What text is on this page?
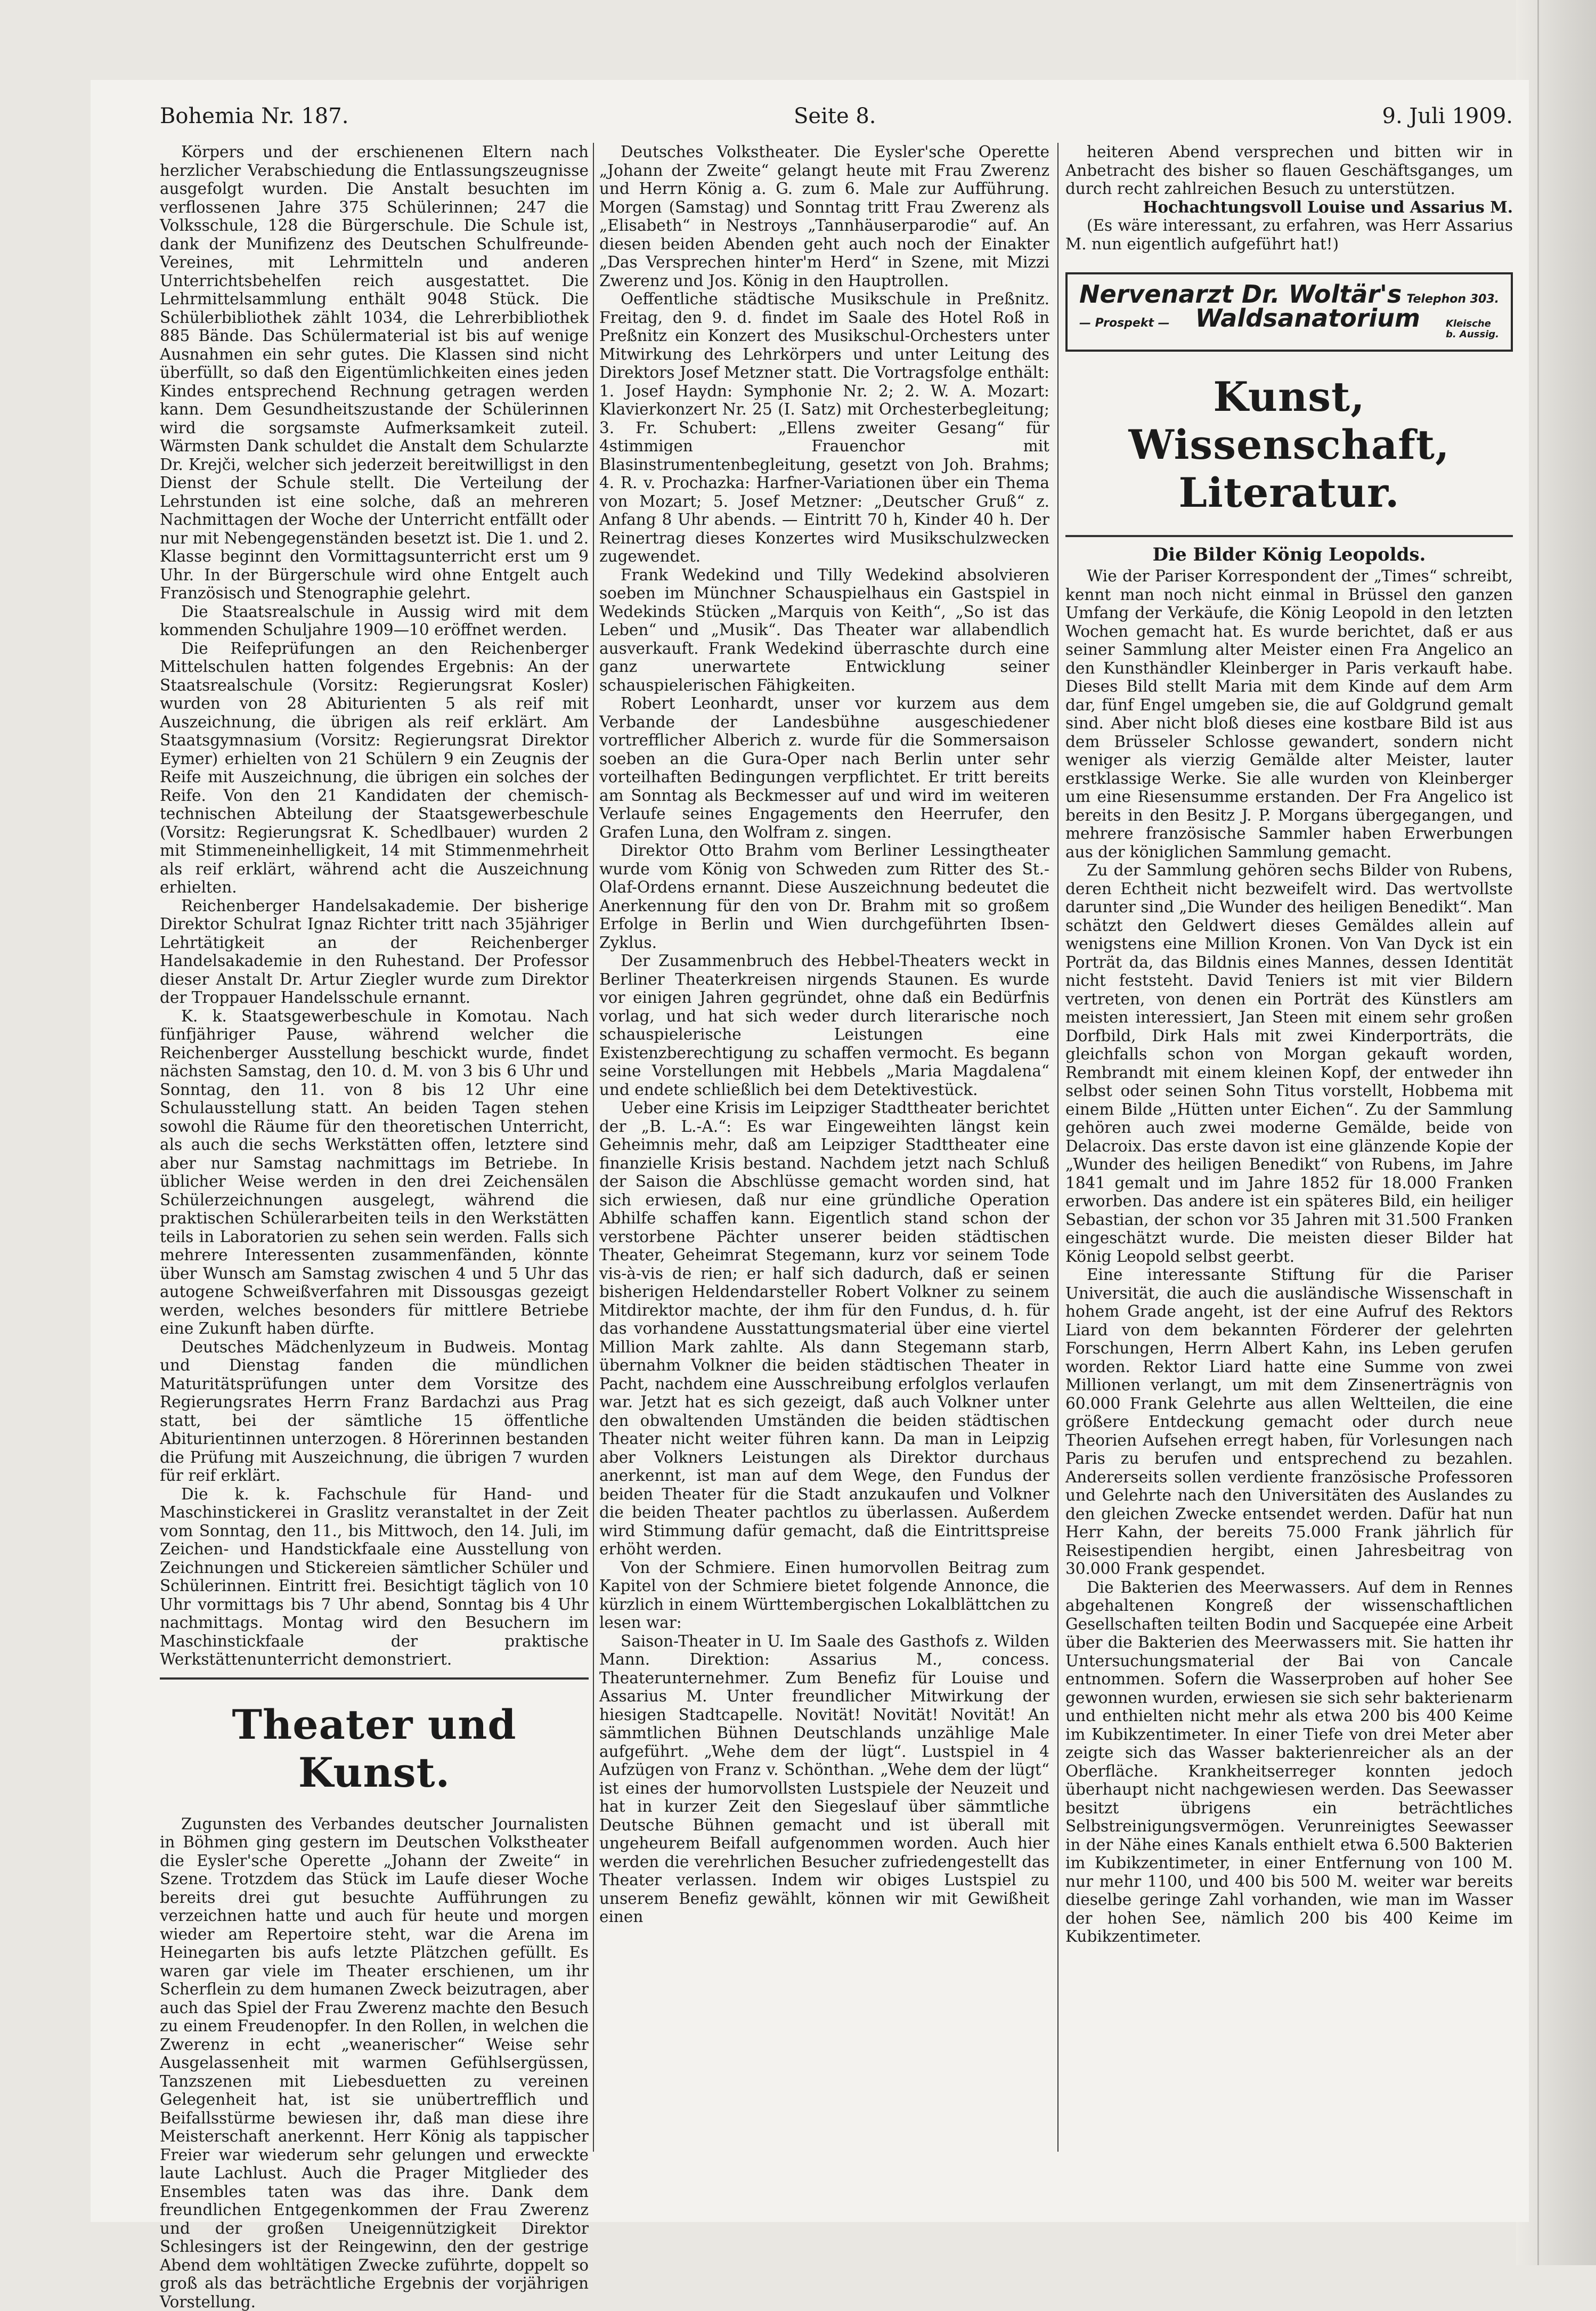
Bohemia Nr. 187.	Seite 8.	9. Juli 1909.

Körpers und der erschienenen Eltern nach herzlicher Verabschiedung die Entlassungszeugnisse ausgefolgt wurden. Die Anstalt besuchten im verflossenen Jahre 375 Schülerinnen; 247 die Volksschule, 128 die Bürgerschule. Die Schule ist, dank der Munifizenz des Deutschen Schulfreunde-Vereines, mit Lehrmitteln und anderen Unterrichtsbehelfen reich ausgestattet. Die Lehrmittelsammlung enthält 9048 Stück. Die Schülerbibliothek zählt 1034, die Lehrerbibliothek 885 Bände. Das Schülermaterial ist bis auf wenige Ausnahmen ein sehr gutes. Die Klassen sind nicht überfüllt, so daß den Eigentümlichkeiten eines jeden Kindes entsprechend Rechnung getragen werden kann. Dem Gesundheitszustande der Schülerinnen wird die sorgsamste Aufmerksamkeit zuteil. Wärmsten Dank schuldet die Anstalt dem Schularzte Dr. Krejči, welcher sich jederzeit bereitwilligst in den Dienst der Schule stellt. Die Verteilung der Lehrstunden ist eine solche, daß an mehreren Nachmittagen der Woche der Unterricht entfällt oder nur mit Nebengegenständen besetzt ist. Die 1. und 2. Klasse beginnt den Vormittagsunterricht erst um 9 Uhr. In der Bürgerschule wird ohne Entgelt auch Französisch und Stenographie gelehrt.

Die Staatsrealschule in Aussig wird mit dem kommenden Schuljahre 1909—10 eröffnet werden.

Die Reifeprüfungen an den Reichenberger Mittelschulen hatten folgendes Ergebnis: An der Staatsrealschule (Vorsitz: Regierungsrat Kosler) wurden von 28 Abiturienten 5 als reif mit Auszeichnung, die übrigen als reif erklärt. Am Staatsgymnasium (Vorsitz: Regierungsrat Direktor Eymer) erhielten von 21 Schülern 9 ein Zeugnis der Reife mit Auszeichnung, die übrigen ein solches der Reife. Von den 21 Kandidaten der chemisch-technischen Abteilung der Staatsgewerbeschule (Vorsitz: Regierungsrat K. Schedlbauer) wurden 2 mit Stimmeneinhelligkeit, 14 mit Stimmenmehrheit als reif erklärt, während acht die Auszeichnung erhielten.

Reichenberger Handelsakademie. Der bisherige Direktor Schulrat Ignaz Richter tritt nach 35jähriger Lehrtätigkeit an der Reichenberger Handelsakademie in den Ruhestand. Der Professor dieser Anstalt Dr. Artur Ziegler wurde zum Direktor der Troppauer Handelsschule ernannt.

K. k. Staatsgewerbeschule in Komotau. Nach fünfjähriger Pause, während welcher die Reichenberger Ausstellung beschickt wurde, findet nächsten Samstag, den 10. d. M. von 3 bis 6 Uhr und Sonntag, den 11. von 8 bis 12 Uhr eine Schulausstellung statt. An beiden Tagen stehen sowohl die Räume für den theoretischen Unterricht, als auch die sechs Werkstätten offen, letztere sind aber nur Samstag nachmittags im Betriebe. In üblicher Weise werden in den drei Zeichensälen Schülerzeichnungen ausgelegt, während die praktischen Schülerarbeiten teils in den Werkstätten teils in Laboratorien zu sehen sein werden. Falls sich mehrere Interessenten zusammenfänden, könnte über Wunsch am Samstag zwischen 4 und 5 Uhr das autogene Schweißverfahren mit Dissousgas gezeigt werden, welches besonders für mittlere Betriebe eine Zukunft haben dürfte.

Deutsches Mädchenlyzeum in Budweis. Montag und Dienstag fanden die mündlichen Maturitätsprüfungen unter dem Vorsitze des Regierungsrates Herrn Franz Bardachzi aus Prag statt, bei der sämtliche 15 öffentliche Abiturientinnen unterzogen. 8 Hörerinnen bestanden die Prüfung mit Auszeichnung, die übrigen 7 wurden für reif erklärt.

Die k. k. Fachschule für Hand- und Maschinstickerei in Graslitz veranstaltet in der Zeit vom Sonntag, den 11., bis Mittwoch, den 14. Juli, im Zeichen- und Handstickfaale eine Ausstellung von Zeichnungen und Stickereien sämtlicher Schüler und Schülerinnen. Eintritt frei. Besichtigt täglich von 10 Uhr vormittags bis 7 Uhr abend, Sonntag bis 4 Uhr nachmittags. Montag wird den Besuchern im Maschinstickfaale der praktische Werkstättenunterricht demonstriert.

Theater und Kunst.

Zugunsten des Verbandes deutscher Journalisten in Böhmen ging gestern im Deutschen Volkstheater die Eysler'sche Operette „Johann der Zweite“ in Szene. Trotzdem das Stück im Laufe dieser Woche bereits drei gut besuchte Aufführungen zu verzeichnen hatte und auch für heute und morgen wieder am Repertoire steht, war die Arena im Heinegarten bis aufs letzte Plätzchen gefüllt. Es waren gar viele im Theater erschienen, um ihr Scherflein zu dem humanen Zweck beizutragen, aber auch das Spiel der Frau Zwerenz machte den Besuch zu einem Freudenopfer. In den Rollen, in welchen die Zwerenz in echt „weanerischer“ Weise sehr Ausgelassenheit mit warmen Gefühlsergüssen, Tanzszenen mit Liebesduetten zu vereinen Gelegenheit hat, ist sie unübertrefflich und Beifallsstürme bewiesen ihr, daß man diese ihre Meisterschaft anerkennt. Herr König als tappischer Freier war wiederum sehr gelungen und erweckte laute Lachlust. Auch die Prager Mitglieder des Ensembles taten was das ihre. Dank dem freundlichen Entgegenkommen der Frau Zwerenz und der großen Uneigennützigkeit Direktor Schlesingers ist der Reingewinn, den der gestrige Abend dem wohltätigen Zwecke zuführte, doppelt so groß als das beträchtliche Ergebnis der vorjährigen Vorstellung.

Deutsches Volkstheater. Die Eysler'sche Operette „Johann der Zweite“ gelangt heute mit Frau Zwerenz und Herrn König a. G. zum 6. Male zur Aufführung. Morgen (Samstag) und Sonntag tritt Frau Zwerenz als „Elisabeth“ in Nestroys „Tannhäuserparodie“ auf. An diesen beiden Abenden geht auch noch der Einakter „Das Versprechen hinter'm Herd“ in Szene, mit Mizzi Zwerenz und Jos. König in den Hauptrollen.

Oeffentliche städtische Musikschule in Preßnitz. Freitag, den 9. d. findet im Saale des Hotel Roß in Preßnitz ein Konzert des Musikschul-Orchesters unter Mitwirkung des Lehrkörpers und unter Leitung des Direktors Josef Metzner statt. Die Vortragsfolge enthält: 1. Josef Haydn: Symphonie Nr. 2; 2. W. A. Mozart: Klavierkonzert Nr. 25 (I. Satz) mit Orchesterbegleitung; 3. Fr. Schubert: „Ellens zweiter Gesang“ für 4stimmigen Frauenchor mit Blasinstrumentenbegleitung, gesetzt von Joh. Brahms; 4. R. v. Prochazka: Harfner-Variationen über ein Thema von Mozart; 5. Josef Metzner: „Deutscher Gruß“ z. Anfang 8 Uhr abends. — Eintritt 70 h, Kinder 40 h. Der Reinertrag dieses Konzertes wird Musikschulzwecken zugewendet.

Frank Wedekind und Tilly Wedekind absolvieren soeben im Münchner Schauspielhaus ein Gastspiel in Wedekinds Stücken „Marquis von Keith“, „So ist das Leben“ und „Musik“. Das Theater war allabendlich ausverkauft. Frank Wedekind überraschte durch eine ganz unerwartete Entwicklung seiner schauspielerischen Fähigkeiten.

Robert Leonhardt, unser vor kurzem aus dem Verbande der Landesbühne ausgeschiedener vortrefflicher Alberich z. wurde für die Sommersaison soeben an die Gura-Oper nach Berlin unter sehr vorteilhaften Bedingungen verpflichtet. Er tritt bereits am Sonntag als Beckmesser auf und wird im weiteren Verlaufe seines Engagements den Heerrufer, den Grafen Luna, den Wolfram z. singen.

Direktor Otto Brahm vom Berliner Lessingtheater wurde vom König von Schweden zum Ritter des St.-Olaf-Ordens ernannt. Diese Auszeichnung bedeutet die Anerkennung für den von Dr. Brahm mit so großem Erfolge in Berlin und Wien durchgeführten Ibsen-Zyklus.

Der Zusammenbruch des Hebbel-Theaters weckt in Berliner Theaterkreisen nirgends Staunen. Es wurde vor einigen Jahren gegründet, ohne daß ein Bedürfnis vorlag, und hat sich weder durch literarische noch schauspielerische Leistungen eine Existenzberechtigung zu schaffen vermocht. Es begann seine Vorstellungen mit Hebbels „Maria Magdalena“ und endete schließlich bei dem Detektivestück.

Ueber eine Krisis im Leipziger Stadttheater berichtet der „B. L.-A.“: Es war Eingeweihten längst kein Geheimnis mehr, daß am Leipziger Stadttheater eine finanzielle Krisis bestand. Nachdem jetzt nach Schluß der Saison die Abschlüsse gemacht worden sind, hat sich erwiesen, daß nur eine gründliche Operation Abhilfe schaffen kann. Eigentlich stand schon der verstorbene Pächter unserer beiden städtischen Theater, Geheimrat Stegemann, kurz vor seinem Tode vis-à-vis de rien; er half sich dadurch, daß er seinen bisherigen Heldendarsteller Robert Volkner zu seinem Mitdirektor machte, der ihm für den Fundus, d. h. für das vorhandene Ausstattungsmaterial über eine viertel Million Mark zahlte. Als dann Stegemann starb, übernahm Volkner die beiden städtischen Theater in Pacht, nachdem eine Ausschreibung erfolglos verlaufen war. Jetzt hat es sich gezeigt, daß auch Volkner unter den obwaltenden Umständen die beiden städtischen Theater nicht weiter führen kann. Da man in Leipzig aber Volkners Leistungen als Direktor durchaus anerkennt, ist man auf dem Wege, den Fundus der beiden Theater für die Stadt anzukaufen und Volkner die beiden Theater pachtlos zu überlassen. Außerdem wird Stimmung dafür gemacht, daß die Eintrittspreise erhöht werden.

Von der Schmiere. Einen humorvollen Beitrag zum Kapitel von der Schmiere bietet folgende Annonce, die kürzlich in einem Württembergischen Lokalblättchen zu lesen war:

Saison-Theater in U. Im Saale des Gasthofs z. Wilden Mann. Direktion: Assarius M., concess. Theaterunternehmer. Zum Benefiz für Louise und Assarius M. Unter freundlicher Mitwirkung der hiesigen Stadtcapelle. Novität! Novität! Novität! An sämmtlichen Bühnen Deutschlands unzählige Male aufgeführt. „Wehe dem der lügt“. Lustspiel in 4 Aufzügen von Franz v. Schönthan. „Wehe dem der lügt“ ist eines der humorvollsten Lustspiele der Neuzeit und hat in kurzer Zeit den Siegeslauf über sämmtliche Deutsche Bühnen gemacht und ist überall mit ungeheurem Beifall aufgenommen worden. Auch hier werden die verehrlichen Besucher zufriedengestellt das Theater verlassen. Indem wir obiges Lustspiel zu unserem Benefiz gewählt, können wir mit Gewißheit einen

heiteren Abend versprechen und bitten wir in Anbetracht des bisher so flauen Geschäftsganges, um durch recht zahlreichen Besuch zu unterstützen.

Hochachtungsvoll Louise und Assarius M.

(Es wäre interessant, zu erfahren, was Herr Assarius M. nun eigentlich aufgeführt hat!)

Nervenarzt Dr. Woltär's Telephon 303.
— Prospekt — Waldsanatorium	Kleische
b. Aussig.
Kunst, Wissenschaft, Literatur.

Die Bilder König Leopolds.

Wie der Pariser Korrespondent der „Times“ schreibt, kennt man noch nicht einmal in Brüssel den ganzen Umfang der Verkäufe, die König Leopold in den letzten Wochen gemacht hat. Es wurde berichtet, daß er aus seiner Sammlung alter Meister einen Fra Angelico an den Kunsthändler Kleinberger in Paris verkauft habe. Dieses Bild stellt Maria mit dem Kinde auf dem Arm dar, fünf Engel umgeben sie, die auf Goldgrund gemalt sind. Aber nicht bloß dieses eine kostbare Bild ist aus dem Brüsseler Schlosse gewandert, sondern nicht weniger als vierzig Gemälde alter Meister, lauter erstklassige Werke. Sie alle wurden von Kleinberger um eine Riesensumme erstanden. Der Fra Angelico ist bereits in den Besitz J. P. Morgans übergegangen, und mehrere französische Sammler haben Erwerbungen aus der königlichen Sammlung gemacht.

Zu der Sammlung gehören sechs Bilder von Rubens, deren Echtheit nicht bezweifelt wird. Das wertvollste darunter sind „Die Wunder des heiligen Benedikt“. Man schätzt den Geldwert dieses Gemäldes allein auf wenigstens eine Million Kronen. Von Van Dyck ist ein Porträt da, das Bildnis eines Mannes, dessen Identität nicht feststeht. David Teniers ist mit vier Bildern vertreten, von denen ein Porträt des Künstlers am meisten interessiert, Jan Steen mit einem sehr großen Dorfbild, Dirk Hals mit zwei Kinderporträts, die gleichfalls schon von Morgan gekauft worden, Rembrandt mit einem kleinen Kopf, der entweder ihn selbst oder seinen Sohn Titus vorstellt, Hobbema mit einem Bilde „Hütten unter Eichen“. Zu der Sammlung gehören auch zwei moderne Gemälde, beide von Delacroix. Das erste davon ist eine glänzende Kopie der „Wunder des heiligen Benedikt“ von Rubens, im Jahre 1841 gemalt und im Jahre 1852 für 18.000 Franken erworben. Das andere ist ein späteres Bild, ein heiliger Sebastian, der schon vor 35 Jahren mit 31.500 Franken eingeschätzt wurde. Die meisten dieser Bilder hat König Leopold selbst geerbt.

Eine interessante Stiftung für die Pariser Universität, die auch die ausländische Wissenschaft in hohem Grade angeht, ist der eine Aufruf des Rektors Liard von dem bekannten Förderer der gelehrten Forschungen, Herrn Albert Kahn, ins Leben gerufen worden. Rektor Liard hatte eine Summe von zwei Millionen verlangt, um mit dem Zinsenerträgnis von 60.000 Frank Gelehrte aus allen Weltteilen, die eine größere Entdeckung gemacht oder durch neue Theorien Aufsehen erregt haben, für Vorlesungen nach Paris zu berufen und entsprechend zu bezahlen. Andererseits sollen verdiente französische Professoren und Gelehrte nach den Universitäten des Auslandes zu den gleichen Zwecke entsendet werden. Dafür hat nun Herr Kahn, der bereits 75.000 Frank jährlich für Reisestipendien hergibt, einen Jahresbeitrag von 30.000 Frank gespendet.

Die Bakterien des Meerwassers. Auf dem in Rennes abgehaltenen Kongreß der wissenschaftlichen Gesellschaften teilten Bodin und Sacquepée eine Arbeit über die Bakterien des Meerwassers mit. Sie hatten ihr Untersuchungsmaterial der Bai von Cancale entnommen. Sofern die Wasserproben auf hoher See gewonnen wurden, erwiesen sie sich sehr bakterienarm und enthielten nicht mehr als etwa 200 bis 400 Keime im Kubikzentimeter. In einer Tiefe von drei Meter aber zeigte sich das Wasser bakterienreicher als an der Oberfläche. Krankheitserreger konnten jedoch überhaupt nicht nachgewiesen werden. Das Seewasser besitzt übrigens ein beträchtliches Selbstreinigungsvermögen. Verunreinigtes Seewasser in der Nähe eines Kanals enthielt etwa 6.500 Bakterien im Kubikzentimeter, in einer Entfernung von 100 M. nur mehr 1100, und 400 bis 500 M. weiter war bereits dieselbe geringe Zahl vorhanden, wie man im Wasser der hohen See, nämlich 200 bis 400 Keime im Kubikzentimeter.
